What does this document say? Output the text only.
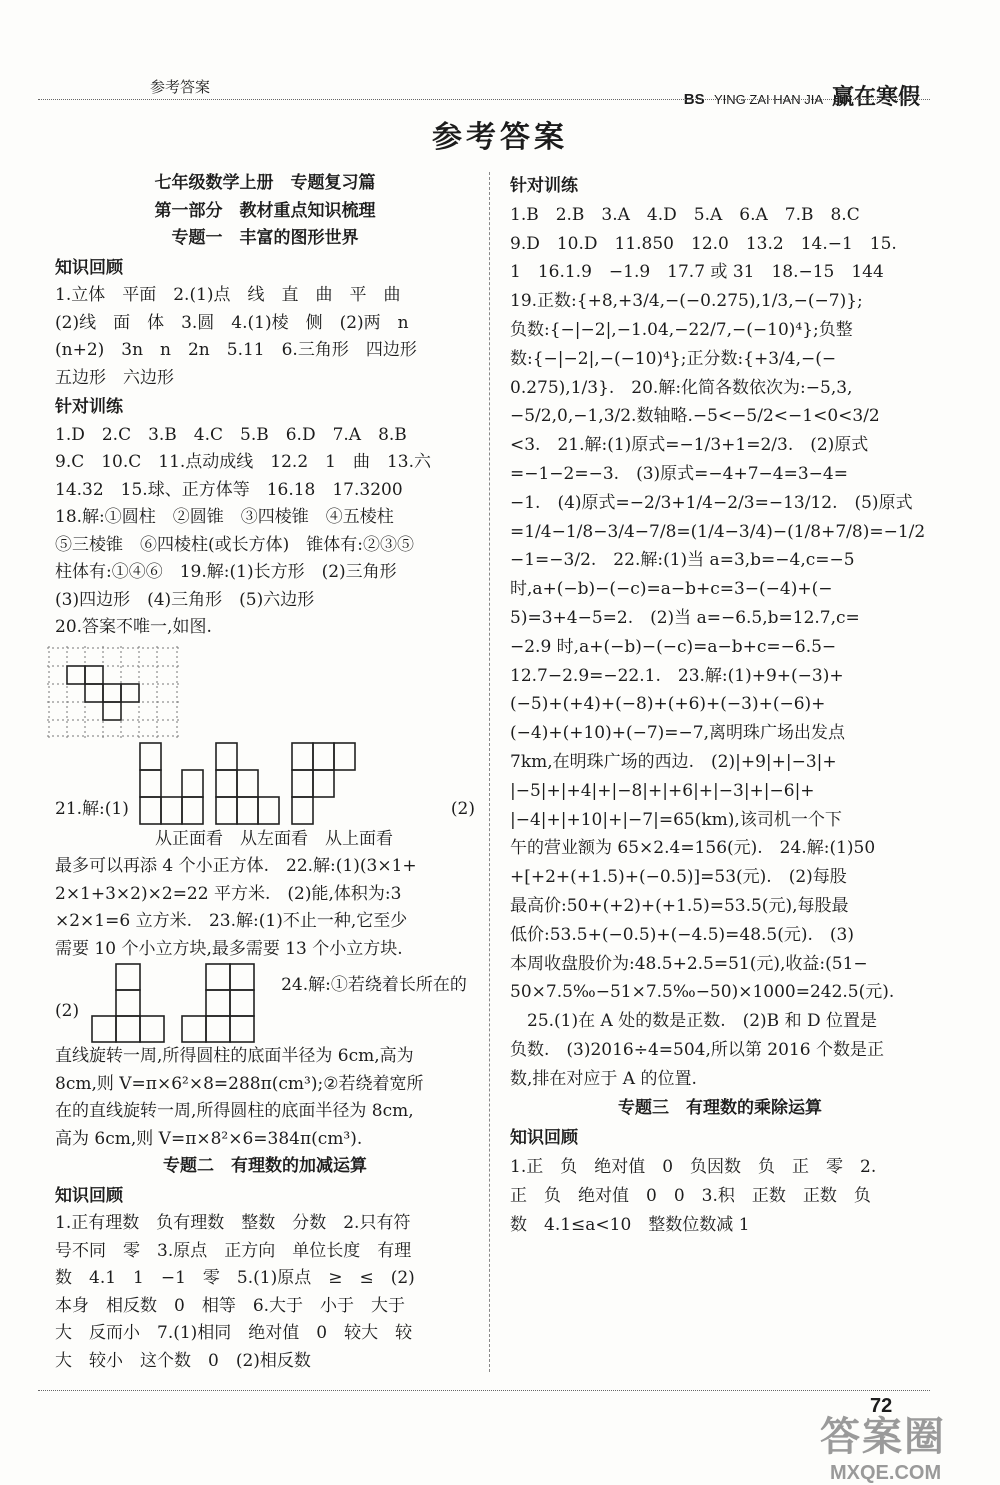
参考答案
BS YING ZAI HAN JIA 赢在寒假
参考答案

七年级数学上册　专题复习篇

第一部分　教材重点知识梳理

专题一　丰富的图形世界

知识回顾

1.立体　平面　2.(1)点　线　直　曲　平　曲

(2)线　面　体　3.圆　4.(1)棱　侧　(2)两　n

(n+2)　3n　n　2n　5.11　6.三角形　四边形

五边形　六边形

针对训练

1.D　2.C　3.B　4.C　5.B　6.D　7.A　8.B

9.C　10.C　11.点动成线　12.2　1　曲　13.六

14.32　15.球、正方体等　16.18　17.3200

18.解:①圆柱　②圆锥　③四棱锥　④五棱柱

⑤三棱锥　⑥四棱柱(或长方体)　锥体有:②③⑤

柱体有:①④⑥　19.解:(1)长方形　(2)三角形

(3)四边形　(4)三角形　(5)六边形

20.答案不唯一,如图.

21.解:(1)	(2)

从正面看　从左面看　从上面看

最多可以再添 4 个小正方体.　22.解:(1)(3×1+

2×1+3×2)×2=22 平方米.　(2)能,体积为:3

×2×1=6 立方米.　23.解:(1)不止一种,它至少

需要 10 个小立方块,最多需要 13 个小立方块.

(2)
24.解:①若绕着长所在的

直线旋转一周,所得圆柱的底面半径为 6cm,高为

8cm,则 V=π×6²×8=288π(cm³);②若绕着宽所

在的直线旋转一周,所得圆柱的底面半径为 8cm,

高为 6cm,则 V=π×8²×6=384π(cm³).

专题二　有理数的加减运算

知识回顾

1.正有理数　负有理数　整数　分数　2.只有符

号不同　零　3.原点　正方向　单位长度　有理

数　4.1　1　−1　零　5.(1)原点　≥　≤　(2)

本身　相反数　0　相等　6.大于　小于　大于

大　反而小　7.(1)相同　绝对值　0　较大　较

大　较小　这个数　0　(2)相反数

针对训练

1.B　2.B　3.A　4.D　5.A　6.A　7.B　8.C

9.D　10.D　11.850　12.0　13.2　14.−1　15.

1　16.1.9　−1.9　17.7 或 31　18.−15　144

19.正数:{+8,+3/4,−(−0.275),1/3,−(−7)};

负数:{−|−2|,−1.04,−22/7,−(−10)⁴};负整

数:{−|−2|,−(−10)⁴};正分数:{+3/4,−(−

0.275),1/3}.　20.解:化简各数依次为:−5,3,

−5/2,0,−1,3/2.数轴略.−5<−5/2<−1<0<3/2

<3.　21.解:(1)原式=−1/3+1=2/3.　(2)原式

=−1−2=−3.　(3)原式=−4+7−4=3−4=

−1.　(4)原式=−2/3+1/4−2/3=−13/12.　(5)原式

=1/4−1/8−3/4−7/8=(1/4−3/4)−(1/8+7/8)=−1/2

−1=−3/2.　22.解:(1)当 a=3,b=−4,c=−5

时,a+(−b)−(−c)=a−b+c=3−(−4)+(−

5)=3+4−5=2.　(2)当 a=−6.5,b=12.7,c=

−2.9 时,a+(−b)−(−c)=a−b+c=−6.5−

12.7−2.9=−22.1.　23.解:(1)+9+(−3)+

(−5)+(+4)+(−8)+(+6)+(−3)+(−6)+

(−4)+(+10)+(−7)=−7,离明珠广场出发点

7km,在明珠广场的西边.　(2)|+9|+|−3|+

|−5|+|+4|+|−8|+|+6|+|−3|+|−6|+

|−4|+|+10|+|−7|=65(km),该司机一个下

午的营业额为 65×2.4=156(元).　24.解:(1)50

+[+2+(+1.5)+(−0.5)]=53(元).　(2)每股

最高价:50+(+2)+(+1.5)=53.5(元),每股最

低价:53.5+(−0.5)+(−4.5)=48.5(元).　(3)

本周收盘股价为:48.5+2.5=51(元),收益:(51−

50×7.5‰−51×7.5‰−50)×1000=242.5(元).

　25.(1)在 A 处的数是正数.　(2)B 和 D 位置是

负数.　(3)2016÷4=504,所以第 2016 个数是正

数,排在对应于 A 的位置.

专题三　有理数的乘除运算

知识回顾

1.正　负　绝对值　0　负因数　负　正　零　2.

正　负　绝对值　0　0　3.积　正数　正数　负

数　4.1≤a<10　整数位数减 1

72
答案圈
MXQE.COM
